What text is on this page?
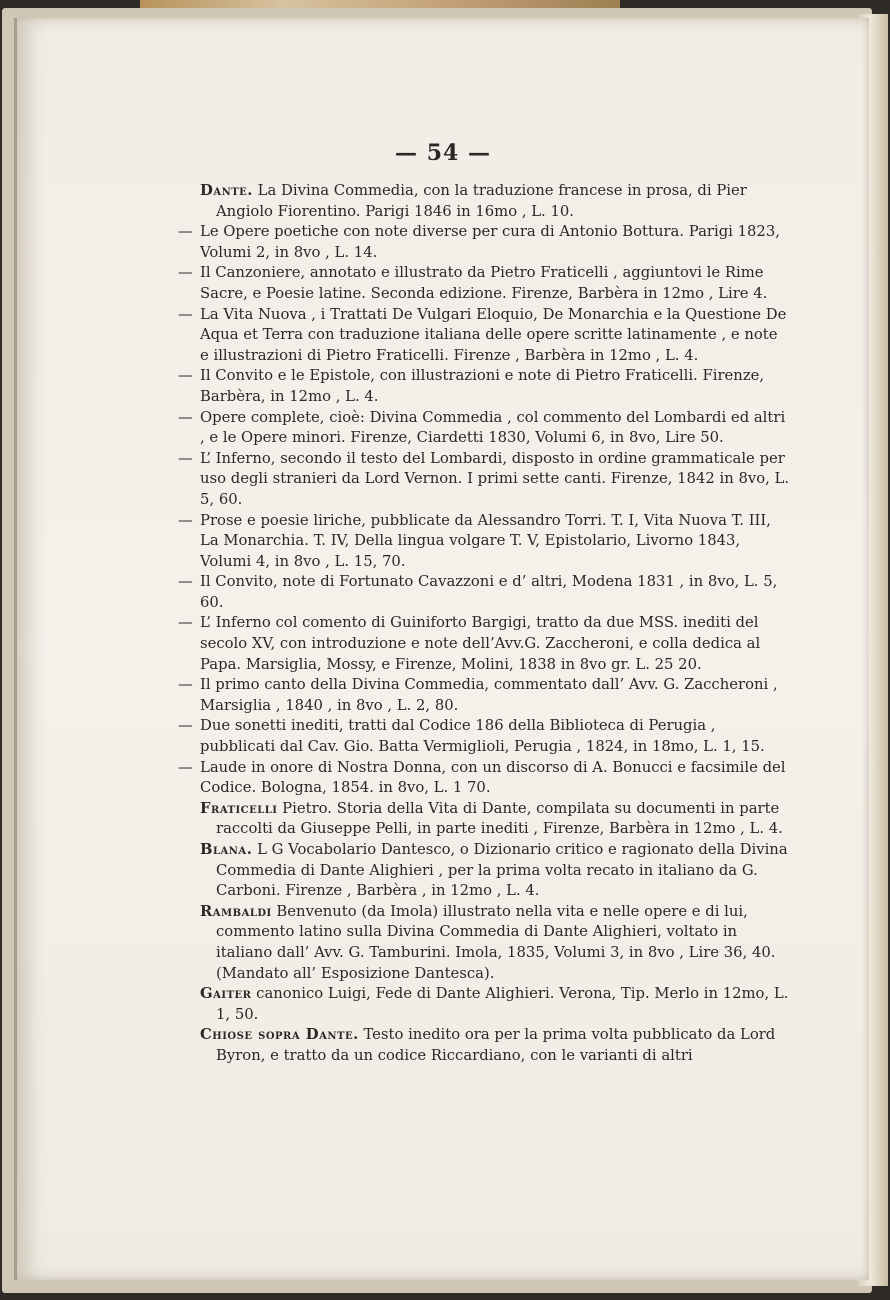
— 54 —
Dante. La Divina Commedia, con la traduzione francese in prosa, di Pier Angiolo Fiorentino. Parigi 1846 in 16mo , L. 10.
— Le Opere poetiche con note diverse per cura di Antonio Bottura. Parigi 1823, Volumi 2, in 8vo , L. 14.
— Il Canzoniere, annotato e illustrato da Pietro Fraticelli , aggiuntovi le Rime Sacre, e Poesie latine. Seconda edizione. Firenze, Barbèra in 12mo , Lire 4.
— La Vita Nuova , i Trattati De Vulgari Eloquio, De Monarchia e la Questione De Aqua et Terra con traduzione italiana delle opere scritte latinamente , e note e illustrazioni di Pietro Fraticelli. Firenze , Barbèra in 12mo , L. 4.
— Il Convito e le Epistole, con illustrazioni e note di Pietro Fraticelli. Firenze, Barbèra, in 12mo , L. 4.
— Opere complete, cioè: Divina Commedia , col commento del Lombardi ed altri , e le Opere minori. Firenze, Ciardetti 1830, Volumi 6, in 8vo, Lire 50.
— L’ Inferno, secondo il testo del Lombardi, disposto in ordine grammaticale per uso degli stranieri da Lord Vernon. I primi sette canti. Firenze, 1842 in 8vo, L. 5, 60.
— Prose e poesie liriche, pubblicate da Alessandro Torri. T. I, Vita Nuova T. III, La Monarchia. T. IV, Della lingua volgare T. V, Epistolario, Livorno 1843, Volumi 4, in 8vo , L. 15, 70.
— Il Convito, note di Fortunato Cavazzoni e d’ altri, Modena 1831 , in 8vo, L. 5, 60.
— L’ Inferno col comento di Guiniforto Bargigi, tratto da due MSS. inediti del secolo XV, con introduzione e note dell’Avv.G. Zaccheroni, e colla dedica al Papa. Marsiglia, Mossy, e Firenze, Molini, 1838 in 8vo gr. L. 25 20.
— Il primo canto della Divina Commedia, commentato dall’ Avv. G. Zaccheroni , Marsiglia , 1840 , in 8vo , L. 2, 80.
— Due sonetti inediti, tratti dal Codice 186 della Biblioteca di Perugia , pubblicati dal Cav. Gio. Batta Vermiglioli, Perugia , 1824, in 18mo, L. 1, 15.
— Laude in onore di Nostra Donna, con un discorso di A. Bonucci e facsimile del Codice. Bologna, 1854. in 8vo, L. 1 70.
Fraticelli Pietro. Storia della Vita di Dante, compilata su documenti in parte raccolti da Giuseppe Pelli, in parte inediti , Firenze, Barbèra in 12mo , L. 4.
Blana. L G Vocabolario Dantesco, o Dizionario critico e ragionato della Divina Commedia di Dante Alighieri , per la prima volta recato in italiano da G. Carboni. Firenze , Barbèra , in 12mo , L. 4.
Rambaldi Benvenuto (da Imola) illustrato nella vita e nelle opere e di lui, commento latino sulla Divina Commedia di Dante Alighieri, voltato in italiano dall’ Avv. G. Tamburini. Imola, 1835, Volumi 3, in 8vo , Lire 36, 40. (Mandato all’ Esposizione Dantesca).
Gaiter canonico Luigi, Fede di Dante Alighieri. Verona, Tip. Merlo in 12mo, L. 1, 50.
Chiose sopra Dante. Testo inedito ora per la prima volta pubblicato da Lord Byron, e tratto da un codice Riccardiano, con le varianti di altri
